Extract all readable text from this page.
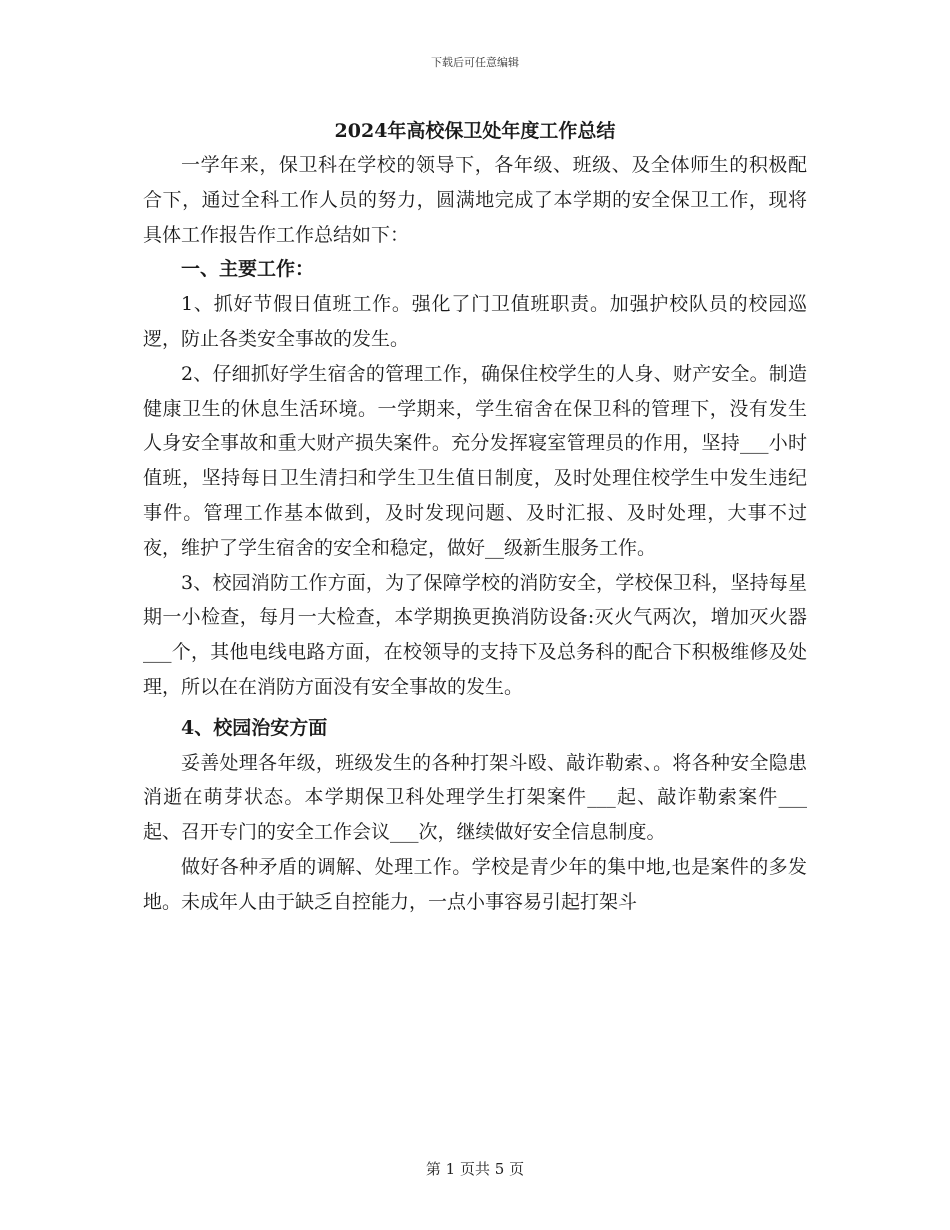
下载后可任意编辑
2024年高校保卫处年度工作总结

一学年来，保卫科在学校的领导下，各年级、班级、及全体师生的积极配合下，通过全科工作人员的努力，圆满地完成了本学期的安全保卫工作，现将具体工作报告作工作总结如下：

一、主要工作：

1、抓好节假日值班工作。强化了门卫值班职责。加强护校队员的校园巡逻，防止各类安全事故的发生。

2、仔细抓好学生宿舍的管理工作，确保住校学生的人身、财产安全。制造健康卫生的休息生活环境。一学期来，学生宿舍在保卫科的管理下，没有发生人身安全事故和重大财产损失案件。充分发挥寝室管理员的作用，坚持___小时值班，坚持每日卫生清扫和学生卫生值日制度，及时处理住校学生中发生违纪事件。管理工作基本做到，及时发现问题、及时汇报、及时处理，大事不过夜，维护了学生宿舍的安全和稳定，做好__级新生服务工作。

3、校园消防工作方面，为了保障学校的消防安全，学校保卫科，坚持每星期一小检查，每月一大检查，本学期换更换消防设备:灭火气两次，增加灭火器___个，其他电线电路方面，在校领导的支持下及总务科的配合下积极维修及处理，所以在在消防方面没有安全事故的发生。

4、校园治安方面

妥善处理各年级，班级发生的各种打架斗殴、敲诈勒索、。将各种安全隐患消逝在萌芽状态。本学期保卫科处理学生打架案件___起、敲诈勒索案件___起、召开专门的安全工作会议___次，继续做好安全信息制度。

做好各种矛盾的调解、处理工作。学校是青少年的集中地,也是案件的多发地。未成年人由于缺乏自控能力，一点小事容易引起打架斗

第 1 页共 5 页
